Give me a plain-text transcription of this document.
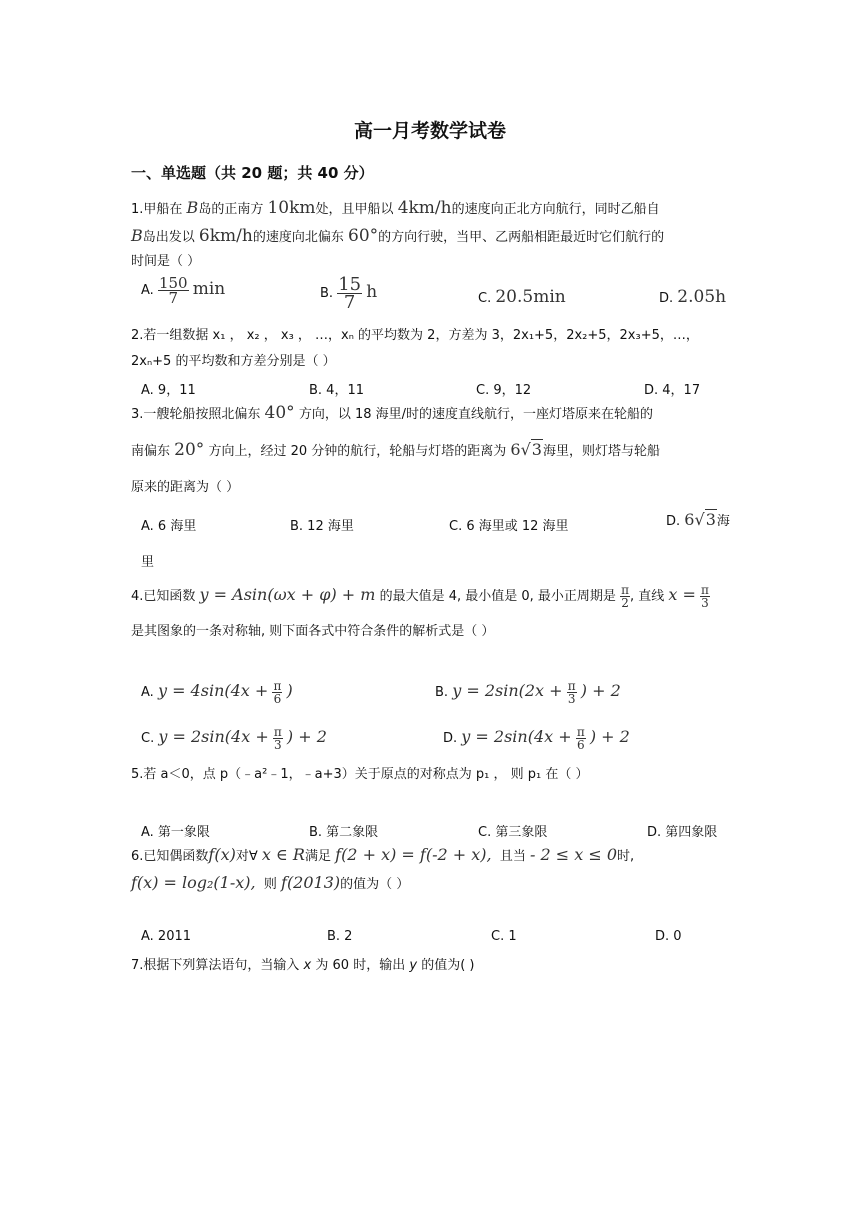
高一月考数学试卷
一、单选题（共 20 题；共 40 分）
1.甲船在 B岛的正南方 10km处，且甲船以 4km/h的速度向正北方向航行，同时乙船自
B岛出发以 6km/h的速度向北偏东 60°的方向行驶，当甲、乙两船相距最近时它们航行的
时间是（ ）
A. $\frac{150}{7}$ min	B. $\frac{15}{7}$ h	C. 20.5min	D. 2.05h
2.若一组数据 x₁ ， x₂ ， x₃ ， …，xₙ 的平均数为 2，方差为 3，2x₁+5，2x₂+5，2x₃+5，…，
2xₙ+5 的平均数和方差分别是（ ）
A. 9，11	B. 4，11	C. 9，12	D. 4，17
3.一艘轮船按照北偏东 40° 方向，以 18 海里/时的速度直线航行，一座灯塔原来在轮船的
南偏东 20° 方向上，经过 20 分钟的航行，轮船与灯塔的距离为 6√3海里，则灯塔与轮船
原来的距离为（ ）
A. 6 海里	B. 12 海里	C. 6 海里或 12 海里	D. 6√3海
里
4.已知函数 y = Asin(ωx + φ) + m 的最大值是 4, 最小值是 0, 最小正周期是 $\frac{\pi}{2}$ , 直线 $x = \frac{\pi}{3}$
是其图象的一条对称轴, 则下面各式中符合条件的解析式是（ ）
A. $y = 4\sin(4x + \frac{\pi}{6}$ )	B. $y = 2\sin(2x + \frac{\pi}{3}$ ) + 2
C. $y = 2\sin(4x + \frac{\pi}{3}$ ) + 2	D. $y = 2\sin(4x + \frac{\pi}{6}$ ) + 2
5.若 a＜0，点 p（﹣a²﹣1，﹣a+3）关于原点的对称点为 p₁ ， 则 p₁ 在（ ）
A. 第一象限	B. 第二象限	C. 第三象限	D. 第四象限
6.已知偶函数f(x)对∀ x ∈ R满足 f(2 + x) = f(-2 + x), 且当 - 2 ≤ x ≤ 0时,
f(x) = log₂(1-x), 则 f(2013)的值为（ ）
A. 2011	B. 2	C. 1	D. 0
7.根据下列算法语句，当输入 x 为 60 时，输出 y 的值为( )
